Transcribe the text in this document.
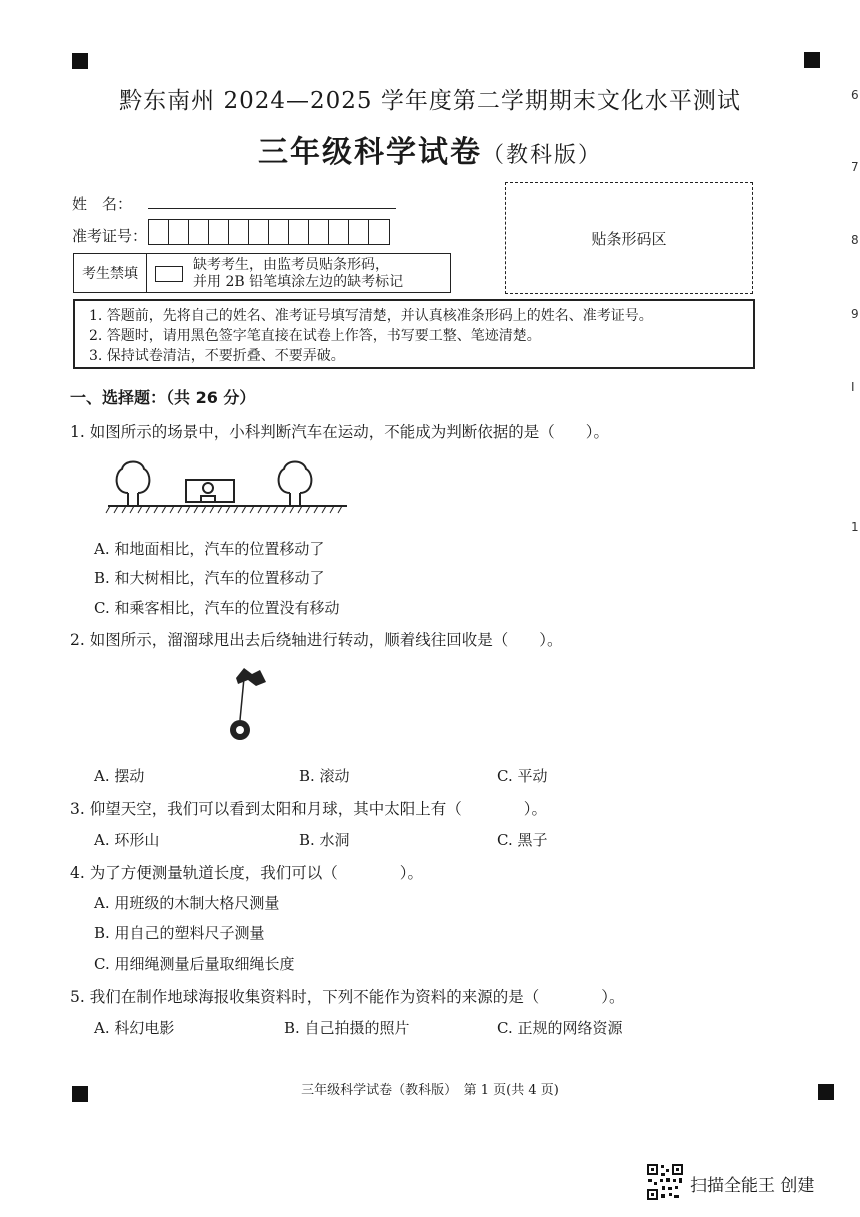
6
7
8
9
I
1
黔东南州 2024—2025 学年度第二学期期末文化水平测试
三年级科学试卷（教科版）
姓　名：
准考证号：	贴条形码区
考生禁填
缺考考生，由监考员贴条形码，
并用 2B 铅笔填涂左边的缺考标记
1. 答题前，先将自己的姓名、准考证号填写清楚，并认真核准条形码上的姓名、准考证号。
2. 答题时，请用黑色签字笔直接在试卷上作答，书写要工整、笔迹清楚。
3. 保持试卷清洁，不要折叠、不要弄破。
一、选择题：（共 26 分）
1. 如图所示的场景中，小科判断汽车在运动，不能成为判断依据的是（　　）。
A. 和地面相比，汽车的位置移动了
B. 和大树相比，汽车的位置移动了
C. 和乘客相比，汽车的位置没有移动
2. 如图所示，溜溜球甩出去后绕轴进行转动，顺着线往回收是（　　）。
A. 摆动	B. 滚动	C. 平动
3. 仰望天空，我们可以看到太阳和月球，其中太阳上有（　　　　）。
A. 环形山	B. 水洞	C. 黑子
4. 为了方便测量轨道长度，我们可以（　　　　）。
A. 用班级的木制大格尺测量
B. 用自己的塑料尺子测量
C. 用细绳测量后量取细绳长度
5. 我们在制作地球海报收集资料时，下列不能作为资料的来源的是（　　　　）。
A. 科幻电影	B. 自己拍摄的照片	C. 正规的网络资源
三年级科学试卷（教科版）　第 1 页(共 4 页)
扫描全能王 创建
